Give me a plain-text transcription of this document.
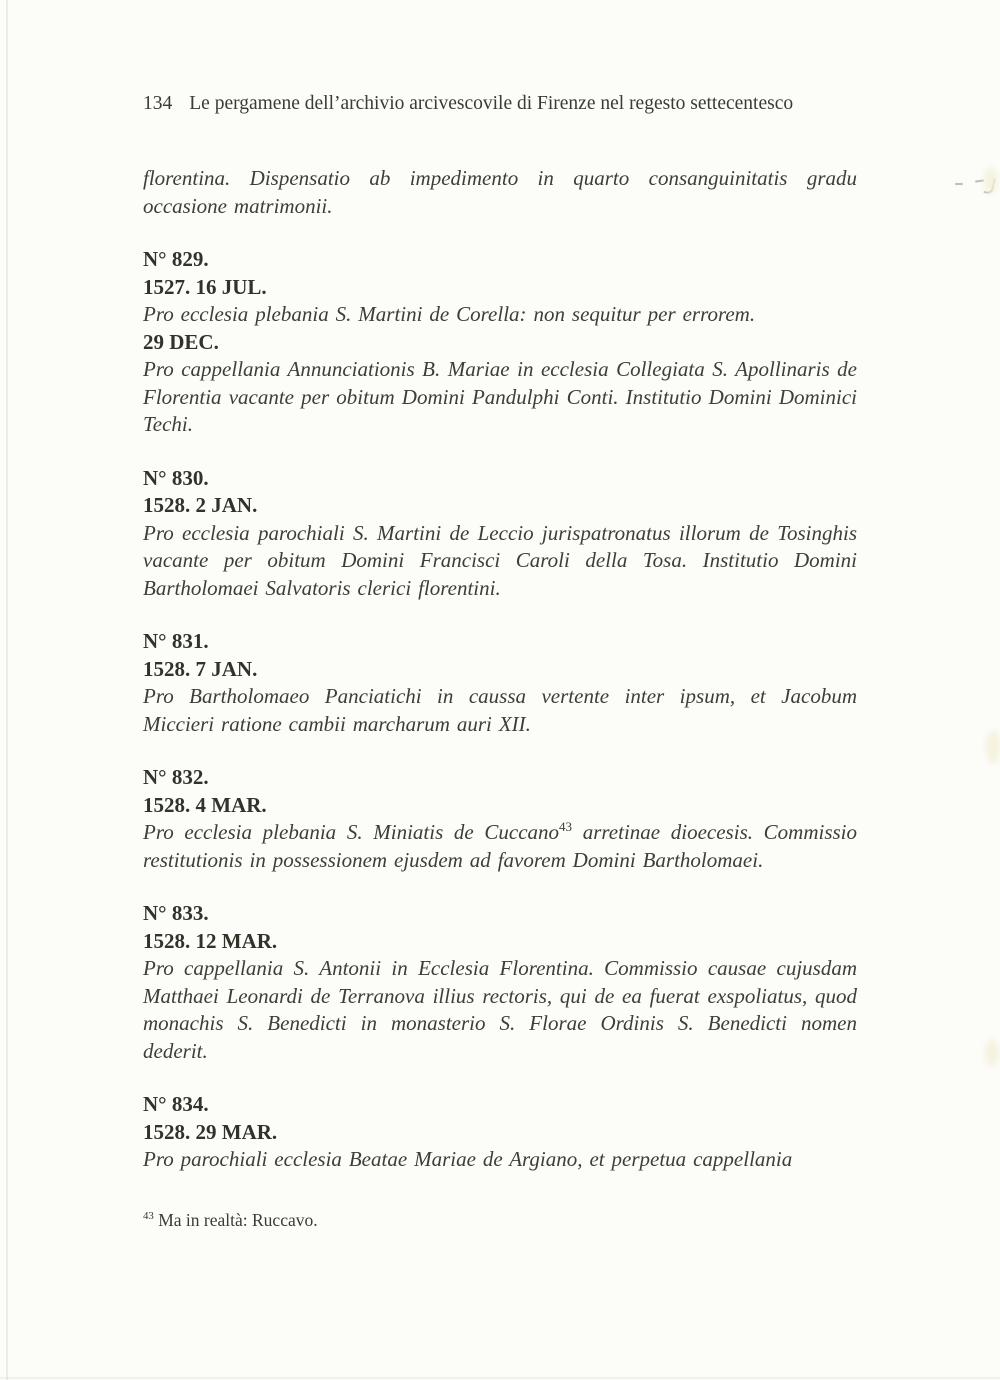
134 Le pergamene dell’archivio arcivescovile di Firenze nel regesto settecentesco

florentina. Dispensatio ab impedimento in quarto consanguinitatis gradu occasione matrimonii.

N° 829.

1527. 16 JUL.

Pro ecclesia plebania S. Martini de Corella: non sequitur per errorem.

29 DEC.

Pro cappellania Annunciationis B. Mariae in ecclesia Collegiata S. Apollinaris de Florentia vacante per obitum Domini Pandulphi Conti. Institutio Domini Dominici Techi.

N° 830.

1528. 2 JAN.

Pro ecclesia parochiali S. Martini de Leccio jurispatronatus illorum de Tosinghis vacante per obitum Domini Francisci Caroli della Tosa. Institutio Domini Bartholomaei Salvatoris clerici florentini.

N° 831.

1528. 7 JAN.

Pro Bartholomaeo Panciatichi in caussa vertente inter ipsum, et Jacobum Miccieri ratione cambii marcharum auri XII.

N° 832.

1528. 4 MAR.

Pro ecclesia plebania S. Miniatis de Cuccano$^{43}$ arretinae dioecesis. Commissio restitutionis in possessionem ejusdem ad favorem Domini Bartholomaei.

N° 833.

1528. 12 MAR.

Pro cappellania S. Antonii in Ecclesia Florentina. Commissio causae cujusdam Matthaei Leonardi de Terranova illius rectoris, qui de ea fuerat exspoliatus, quod monachis S. Benedicti in monasterio S. Florae Ordinis S. Benedicti nomen dederit.

N° 834.

1528. 29 MAR.

Pro parochiali ecclesia Beatae Mariae de Argiano, et perpetua cappellania

$^{43}$ Ma in realtà: Ruccavo.
